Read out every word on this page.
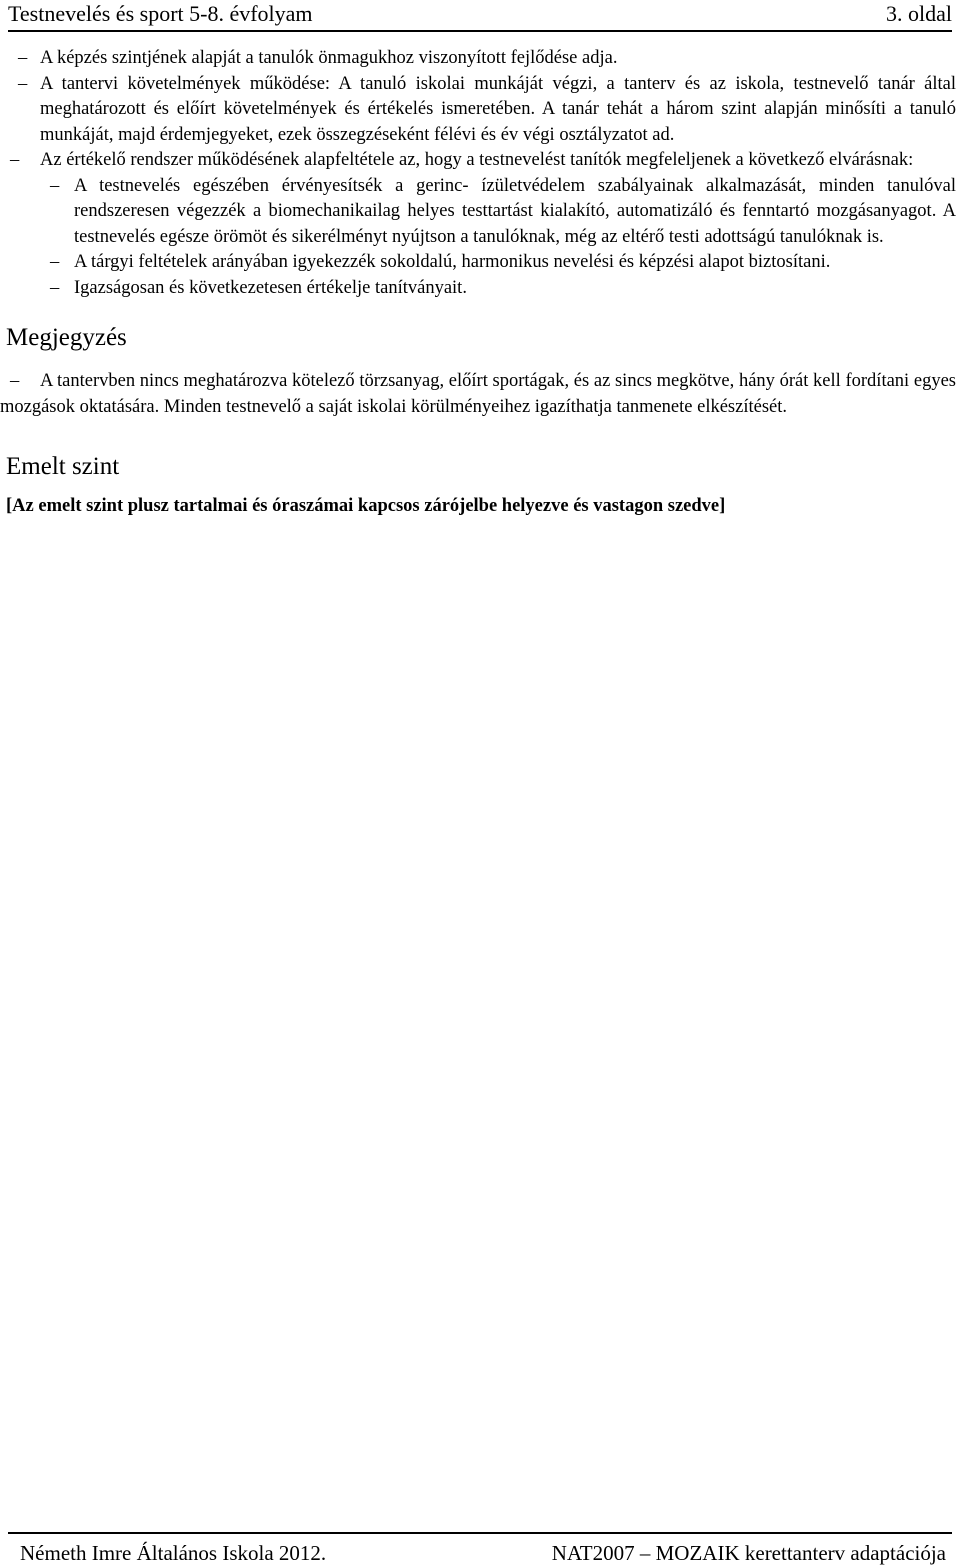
Testnevelés és sport 5-8. évfolyam	3. oldal
– A képzés szintjének alapját a tanulók önmagukhoz viszonyított fejlődése adja.
– A tantervi követelmények működése: A tanuló iskolai munkáját végzi, a tanterv és az iskola, testnevelő tanár által meghatározott és előírt követelmények és értékelés ismeretében. A tanár tehát a három szint alapján minősíti a tanuló munkáját, majd érdemjegyeket, ezek összegzéseként félévi és év végi osztályzatot ad.
– Az értékelő rendszer működésének alapfeltétele az, hogy a testnevelést tanítók megfeleljenek a következő elvárásnak:
– A testnevelés egészében érvényesítsék a gerinc- ízületvédelem szabályainak alkalmazását, minden tanulóval rendszeresen végezzék a biomechanikailag helyes testtartást kialakító, automatizáló és fenntartó mozgásanyagot. A testnevelés egésze örömöt és sikerélményt nyújtson a tanulóknak, még az eltérő testi adottságú tanulóknak is.
– A tárgyi feltételek arányában igyekezzék sokoldalú, harmonikus nevelési és képzési alapot biztosítani.
– Igazságosan és következetesen értékelje tanítványait.
Megjegyzés
– A tantervben nincs meghatározva kötelező törzsanyag, előírt sportágak, és az sincs megkötve, hány órát kell fordítani egyes mozgások oktatására. Minden testnevelő a saját iskolai körülményeihez igazíthatja tanmenete elkészítését.
Emelt szint
[Az emelt szint plusz tartalmai és óraszámai kapcsos zárójelbe helyezve és vastagon szedve]
Németh Imre Általános Iskola 2012.	NAT2007 – MOZAIK kerettanterv adaptációja
